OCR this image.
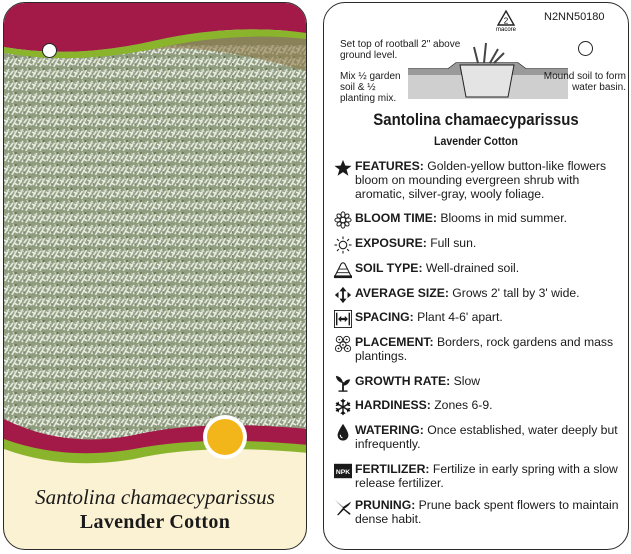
Santolina chamaecyparissus
Lavender Cotton
2
macore
N2NN50180
Set top of rootball 2" above ground level.
Mix ½ garden soil & ½ planting mix.
Mound soil to form water basin.
Santolina chamaecyparissus
Lavender Cotton
FEATURES: Golden-yellow button-like flowers bloom on mounding evergreen shrub with aromatic, silver-gray, wooly foliage.
BLOOM TIME: Blooms in mid summer.
EXPOSURE: Full sun.
SOIL TYPE: Well-drained soil.
AVERAGE SIZE: Grows 2' tall by 3' wide.
SPACING: Plant 4-6' apart.
PLACEMENT: Borders, rock gardens and mass plantings.
GROWTH RATE: Slow
HARDINESS: Zones 6-9.
WATERING: Once established, water deeply but infrequently.
NPK FERTILIZER: Fertilize in early spring with a slow release fertilizer.
PRUNING: Prune back spent flowers to maintain dense habit.
